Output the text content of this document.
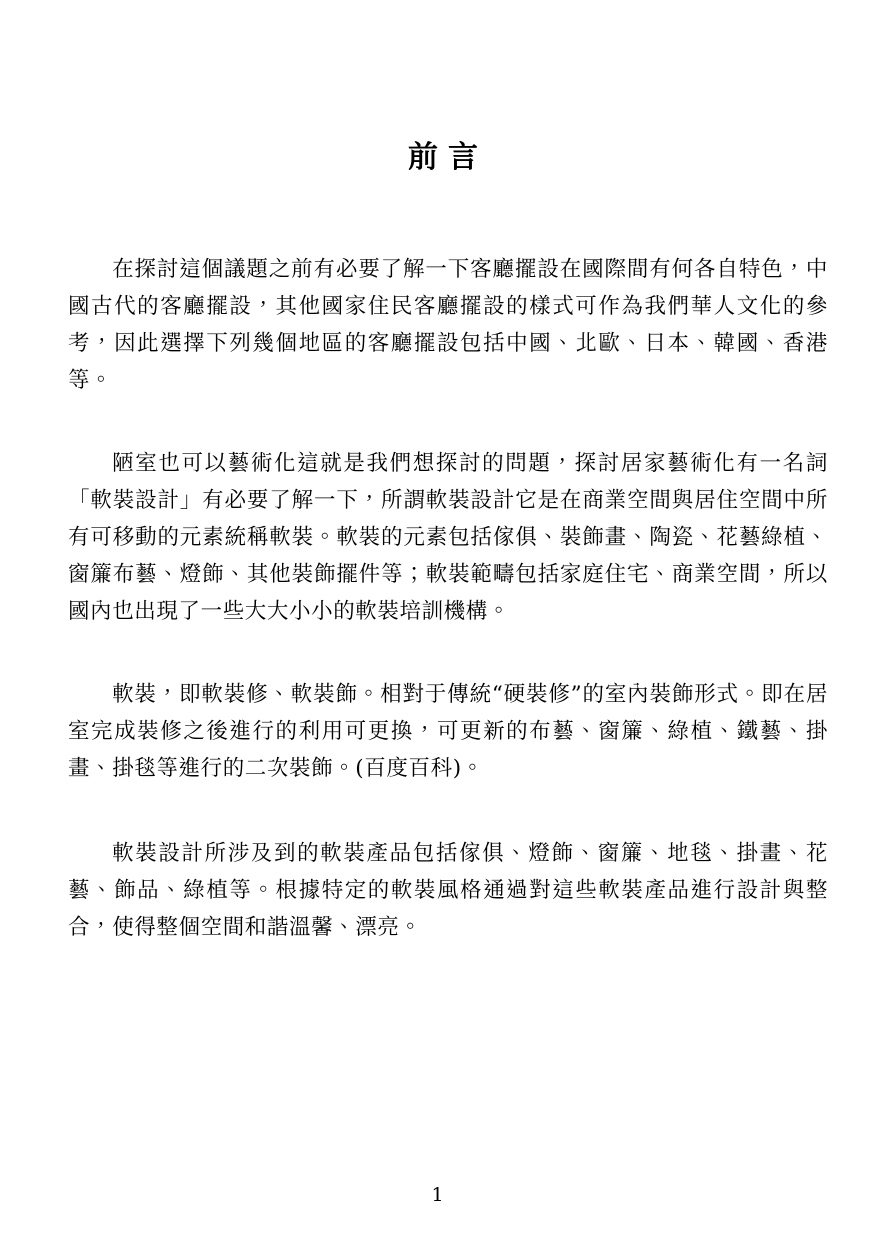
前言

在探討這個議題之前有必要了解一下客廳擺設在國際間有何各自特色，中國古代的客廳擺設，其他國家住民客廳擺設的樣式可作為我們華人文化的參考，因此選擇下列幾個地區的客廳擺設包括中國、北歐、日本、韓國、香港等。

陋室也可以藝術化這就是我們想探討的問題，探討居家藝術化有一名詞「軟裝設計」有必要了解一下，所謂軟裝設計它是在商業空間與居住空間中所有可移動的元素統稱軟裝。軟裝的元素包括傢俱、裝飾畫、陶瓷、花藝綠植、窗簾布藝、燈飾、其他裝飾擺件等；軟裝範疇包括家庭住宅、商業空間，所以國內也出現了一些大大小小的軟裝培訓機構。

軟裝，即軟裝修、軟裝飾。相對于傳統“硬裝修”的室內裝飾形式。即在居室完成裝修之後進行的利用可更換，可更新的布藝、窗簾、綠植、鐵藝、掛畫、掛毯等進行的二次裝飾。(百度百科)。

軟裝設計所涉及到的軟裝產品包括傢俱、燈飾、窗簾、地毯、掛畫、花藝、飾品、綠植等。根據特定的軟裝風格通過對這些軟裝產品進行設計與整合，使得整個空間和諧溫馨、漂亮。

1
